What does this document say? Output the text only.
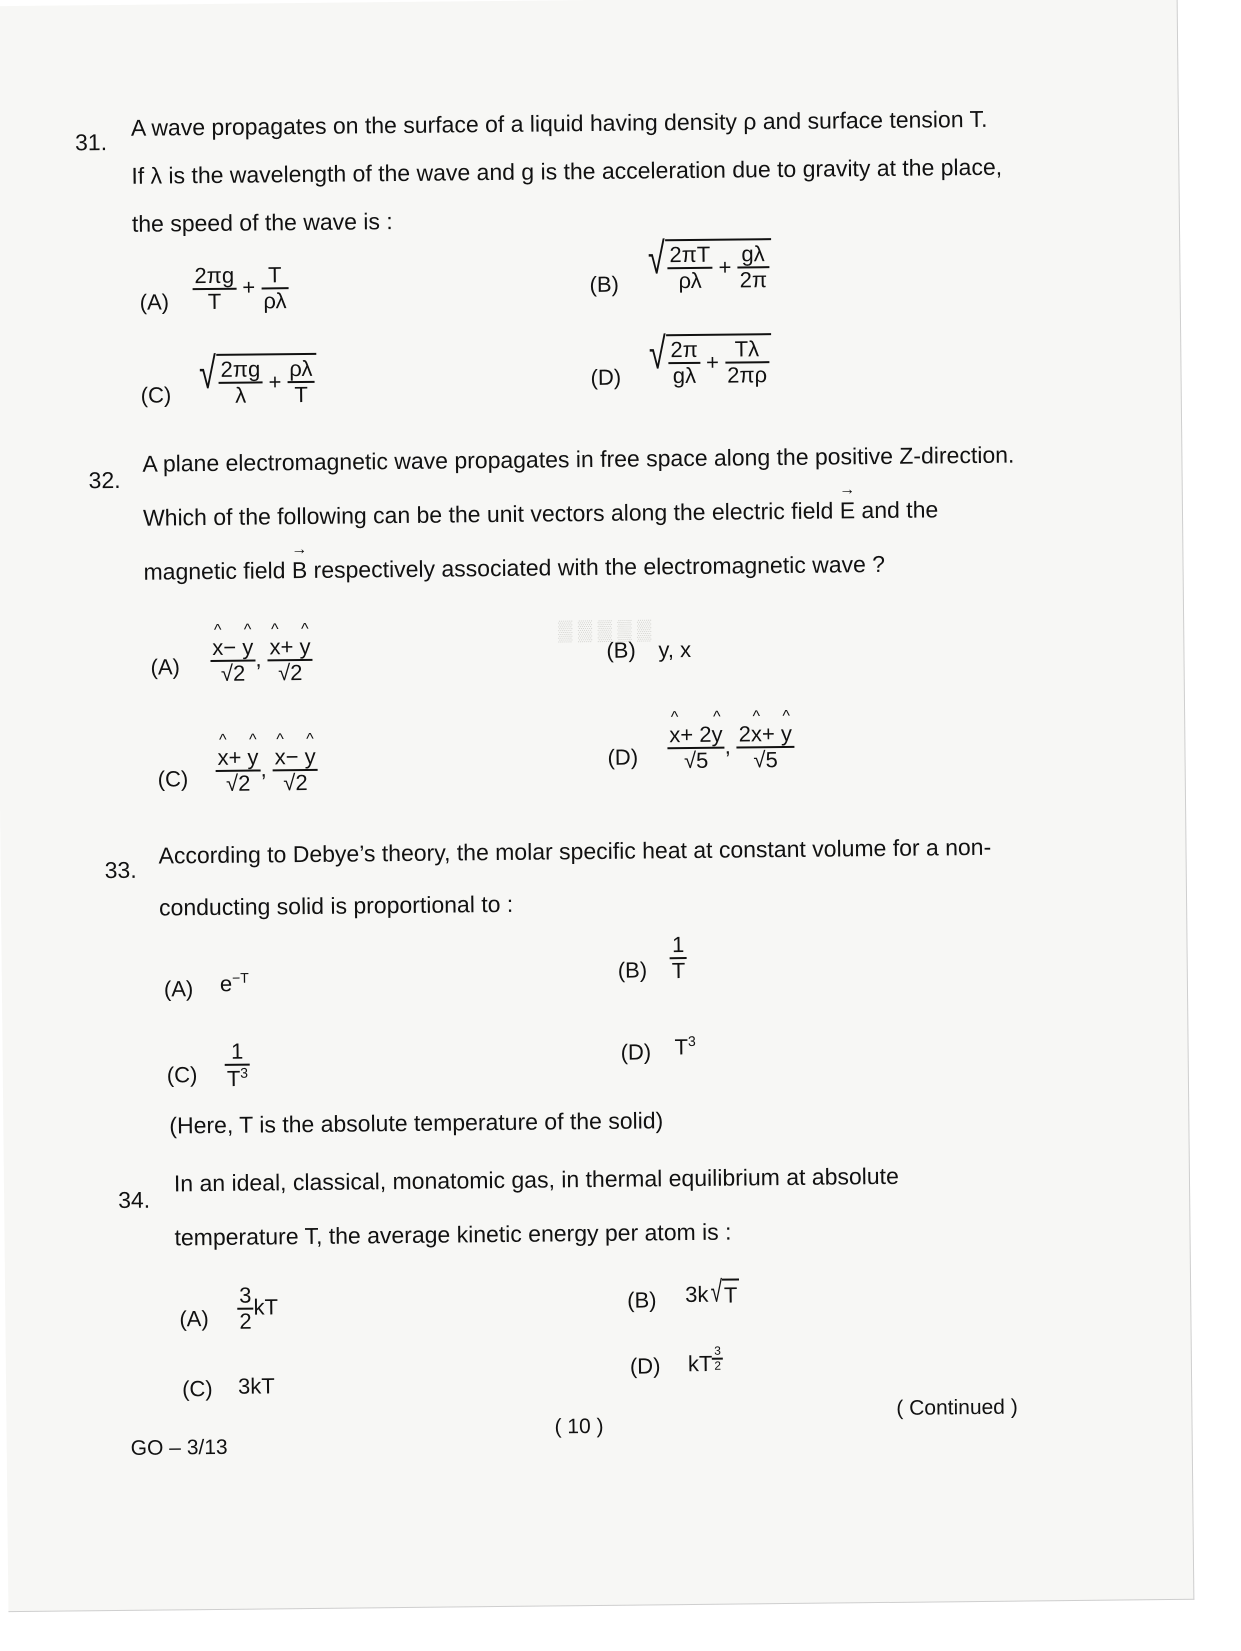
▒ ▒ ▒ ▒ ▒
31.
A wave propagates on the surface of a liquid having density ρ and surface tension T.
If λ is the wavelength of the wave and g is the acceleration due to gravity at the place,
the speed of the wave is :
$(A) \frac{2\pi g}{T} + \frac{T}{\rho\lambda}$	(B)
√ $\frac{2\pi T}{\rho\lambda} + \frac{g\lambda}{2\pi}$
(C) √ $\frac{2\pi g}{\lambda} + \frac{\rho\lambda}{T}$	(D) √ $\frac{2\pi}{g\lambda} + \frac{T\lambda}{2\pi\rho}$
32.
A plane electromagnetic wave propagates in free space along the positive Z-direction.
Which of the following can be the unit vectors along the electric field → E and the
magnetic field → B respectively associated with the electromagnetic wave ?
(A) ^ $\frac{x- \^{} y}{√2}$ , ^ $\frac{x+ \^{} y}{√2}$	(B) y, x
(C) ^ $\frac{x+ \^{} y}{√2}$ , ^ $\frac{x- \^{} y}{√2}$	(D) ^ $\frac{x+ 2\^{} y}{√5}$ , $\frac{2\^{} x+ \^{} y}{√5}$
33.
According to Debye’s theory, the molar specific heat at constant volume for a non-
conducting solid is proportional to :
(A) $e^{-T}$	$(B) \frac{1}{T}$
$(C) \frac{1}{T^3}$	(D) $T^3$
(Here, T is the absolute temperature of the solid)
34.
In an ideal, classical, monatomic gas, in thermal equilibrium at absolute
temperature T, the average kinetic energy per atom is :
$(A) \frac{3}{2}$ kT	(B) 3k √ T
(C) 3kT
(D) kT $^{\frac{3}{2}}$
GO – 3/13
( 10 )
( Continued )
